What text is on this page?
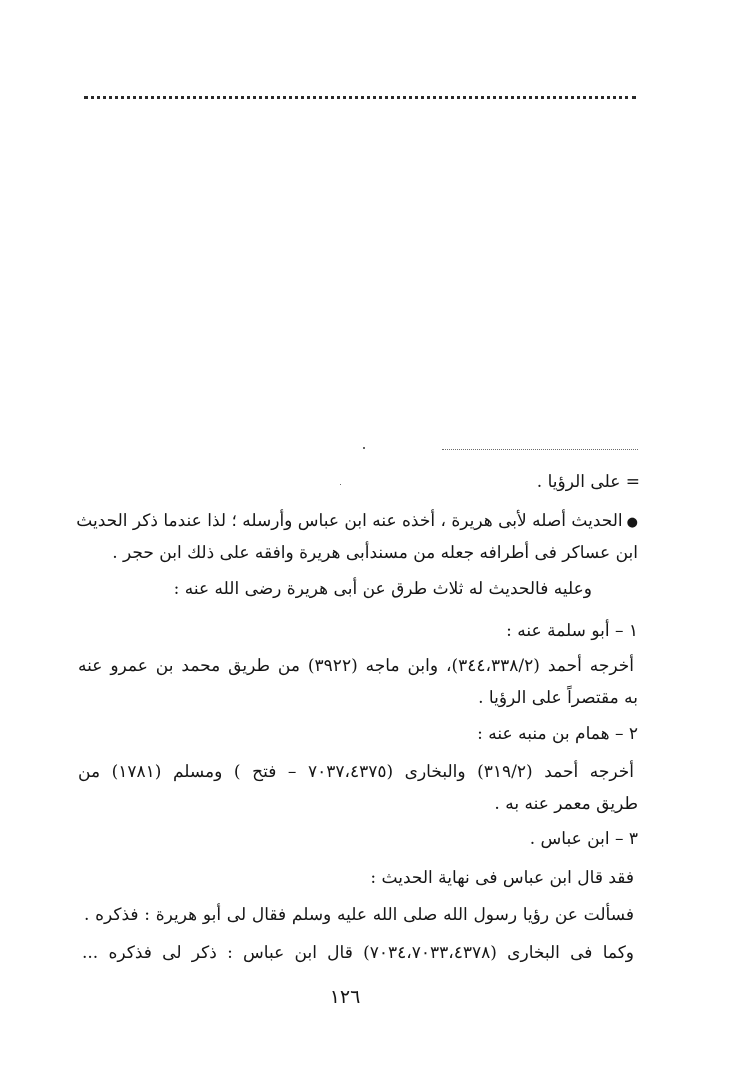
= على الرؤيا .
●الحديث أصله لأبى هريرة ، أخذه عنه ابن عباس وأرسله ؛ لذا عندما ذكر الحديث
ابن عساكر فى أطرافه جعله من مسندأبى هريرة وافقه على ذلك ابن حجر .
وعليه فالحديث له ثلاث طرق عن أبى هريرة رضى الله عنه :
١ – أبو سلمة عنه :
أخرجه أحمد (٣٤٤،٣٣٨/٢)، وابن ماجه (٣٩٢٢) من طريق محمد بن عمرو عنه
به مقتصراً على الرؤيا .
٢ – همام بن منبه عنه :
أخرجه أحمد (٣١٩/٢) والبخارى (٧٠٣٧،٤٣٧٥ – فتح ) ومسلم (١٧٨١) من
طريق معمر عنه به .
٣ – ابن عباس .
فقد قال ابن عباس فى نهاية الحديث :
فسألت عن رؤيا رسول الله صلى الله عليه وسلم فقال لى أبو هريرة : فذكره .
وكما فى البخارى (٧٠٣٤،٧٠٣٣،٤٣٧٨) قال ابن عباس : ذكر لى فذكره ...
١٢٦
